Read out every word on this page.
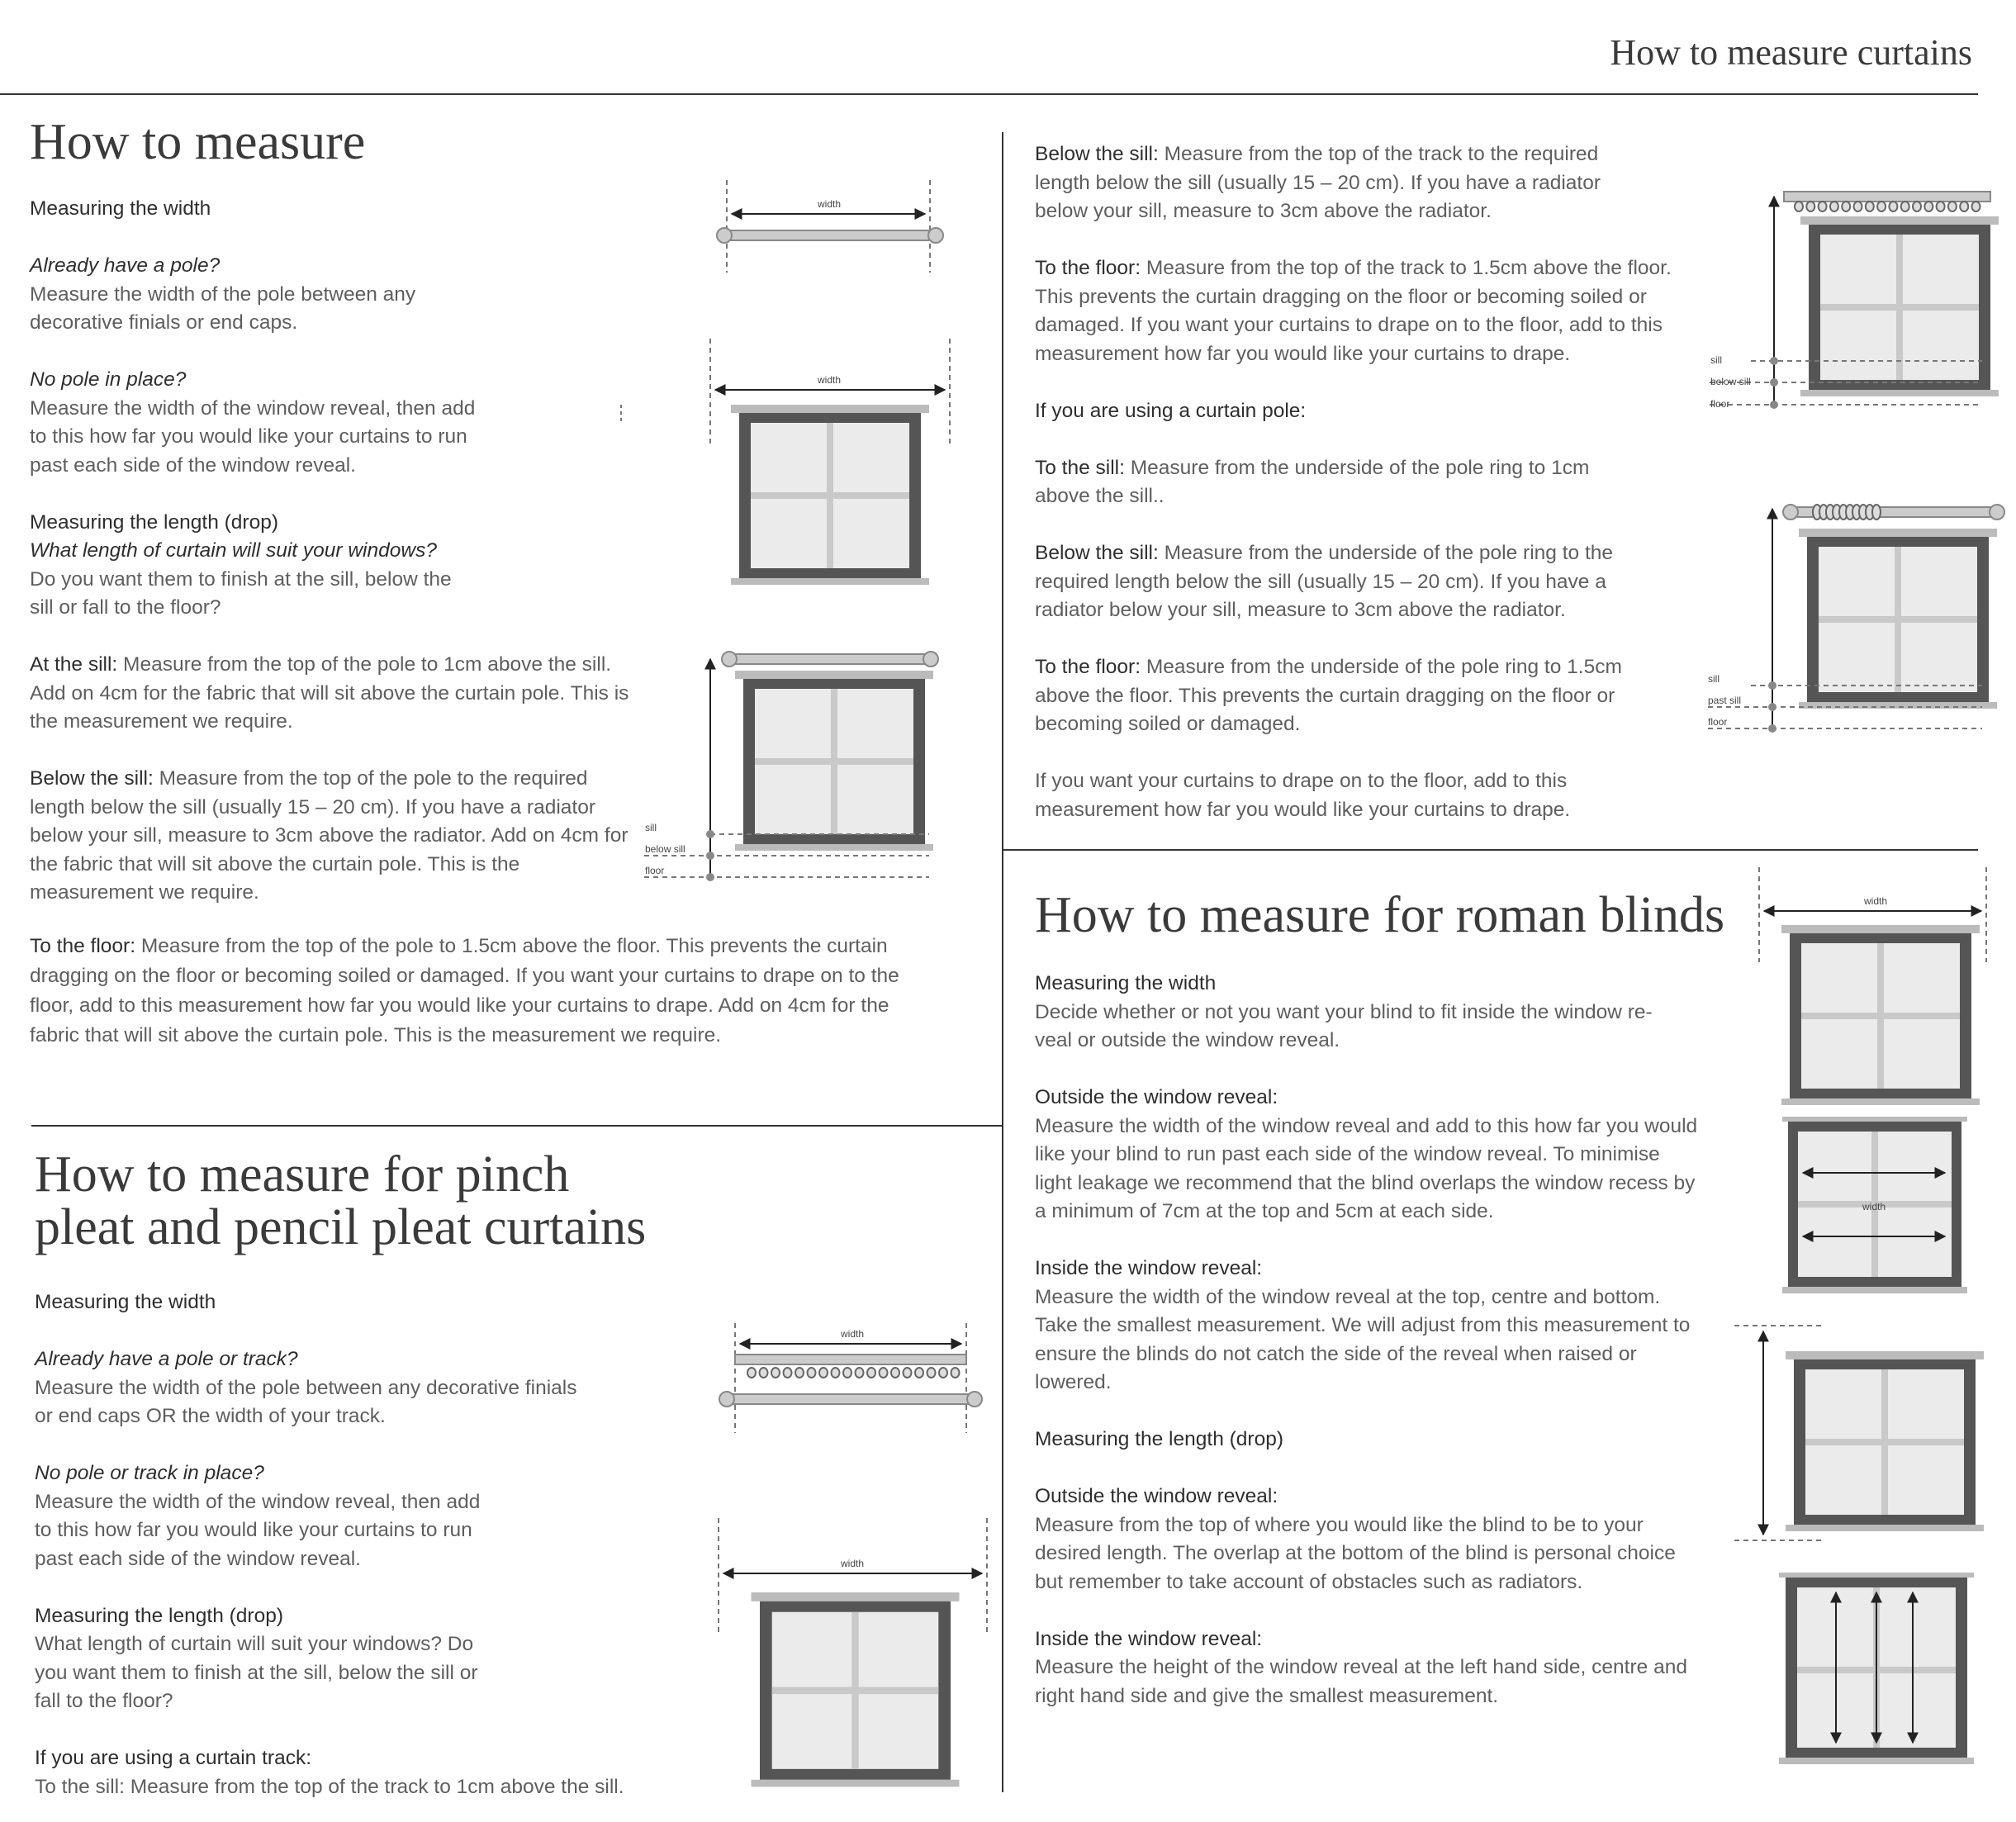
How to measure curtains
How to measure

Measuring the width

Already have a pole?

Measure the width of the pole between any decorative finials or end caps.

No pole in place?

Measure the width of the window reveal, then add to this how far you would like your curtains to run past each side of the window reveal.

Measuring the length (drop)

What length of curtain will suit your windows?

Do you want them to finish at the sill, below the sill or fall to the floor?

At the sill: Measure from the top of the pole to 1cm above the sill. Add on 4cm for the fabric that will sit above the curtain pole. This is the measurement we require.

Below the sill: Measure from the top of the pole to the required length below the sill (usually 15 – 20 cm). If you have a radiator below your sill, measure to 3cm above the radiator. Add on 4cm for the fabric that will sit above the curtain pole. This is the measurement we require.

To the floor: Measure from the top of the pole to 1.5cm above the floor. This prevents the curtain dragging on the floor or becoming soiled or damaged. If you want your curtains to drape on to the floor, add to this measurement how far you would like your curtains to drape. Add on 4cm for the fabric that will sit above the curtain pole. This is the measurement we require.

How to measure for pinch
pleat and pencil pleat curtains

Measuring the width

Already have a pole or track?

Measure the width of the pole between any decorative finials or end caps OR the width of your track.

No pole or track in place?

Measure the width of the window reveal, then add to this how far you would like your curtains to run past each side of the window reveal.

Measuring the length (drop)

What length of curtain will suit your windows? Do you want them to finish at the sill, below the sill or fall to the floor?

If you are using a curtain track:

To the sill: Measure from the top of the track to 1cm above the sill.

Below the sill: Measure from the top of the track to the required length below the sill (usually 15 – 20 cm). If you have a radiator below your sill, measure to 3cm above the radiator.

To the floor: Measure from the top of the track to 1.5cm above the floor. This prevents the curtain dragging on the floor or becoming soiled or damaged. If you want your curtains to drape on to the floor, add to this measurement how far you would like your curtains to drape.

If you are using a curtain pole:

To the sill: Measure from the underside of the pole ring to 1cm above the sill..

Below the sill: Measure from the underside of the pole ring to the required length below the sill (usually 15 – 20 cm). If you have a radiator below your sill, measure to 3cm above the radiator.

To the floor: Measure from the underside of the pole ring to 1.5cm above the floor. This prevents the curtain dragging on the floor or becoming soiled or damaged.

If you want your curtains to drape on to the floor, add to this measurement how far you would like your curtains to drape.

How to measure for roman blinds

Measuring the width

Decide whether or not you want your blind to fit inside the window re- veal or outside the window reveal.

Outside the window reveal:

Measure the width of the window reveal and add to this how far you would like your blind to run past each side of the window reveal. To minimise light leakage we recommend that the blind overlaps the window recess by a minimum of 7cm at the top and 5cm at each side.

Inside the window reveal:

Measure the width of the window reveal at the top, centre and bottom. Take the smallest measurement. We will adjust from this measurement to ensure the blinds do not catch the side of the reveal when raised or lowered.

Measuring the length (drop)

Outside the window reveal:

Measure from the top of where you would like the blind to be to your desired length. The overlap at the bottom of the blind is personal choice but remember to take account of obstacles such as radiators.

Inside the window reveal:

Measure the height of the window reveal at the left hand side, centre and right hand side and give the smallest measurement.

width
width
sill
below sill
floor
width
width
sill
below sill
floor
sill
past sill
floor
width
width
